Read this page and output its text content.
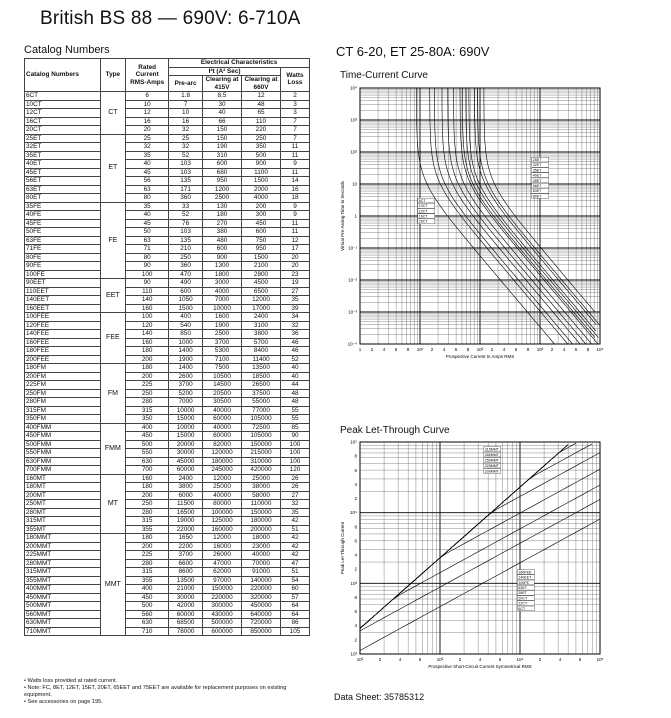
British BS 88 — 690V: 6-710A
Catalog Numbers
Catalog Numbers	Type	Rated Current RMS-Amps	Electrical Characteristics			
			I²t (A² Sec)			Watts Loss
			Pre-arc	Clearing at 415V	Clearing at 660V	
6CT	CT	6	1.8	8.5	12	2
10CT		10	7	30	48	3
12CT		12	10	40	65	3
16CT		16	16	66	110	7
20CT		20	32	150	220	7
25ET	ET	25	25	150	250	7
32ET		32	32	190	350	11
35ET		35	52	310	500	11
40ET		40	103	600	900	9
45ET		45	103	680	1100	11
56ET		56	135	950	1500	14
63ET		63	171	1200	2000	16
80ET		80	360	2500	4000	18
35FE	FE	35	33	130	200	9
40FE		40	52	180	300	9
45FE		45	76	270	450	11
50FE		50	103	380	600	11
63FE		63	135	480	750	12
71FE		71	210	600	950	17
80FE		80	250	900	1500	20
90FE		90	360	1300	2100	20
100FE		100	470	1800	2800	23
90EET	EET	90	490	3000	4500	19
110EET		110	600	4000	6500	27
140EET		140	1050	7000	12000	35
160EET		160	1500	10000	17000	39
100FEE	FEE	100	400	1600	2400	34
120FEE		120	540	1900	3100	32
140FEE		140	850	2500	3800	36
160FEE		160	1000	3700	5700	46
180FEE		180	1400	5300	8400	46
200FEE		200	1900	7100	11400	52
180FM	FM	180	1400	7500	13500	40
200FM		200	2600	10500	18500	40
225FM		225	3700	14500	26500	44
250FM		250	5200	20500	37500	48
280FM		280	7000	30500	55000	48
315FM		315	10000	40000	77000	55
350FM		350	15000	60000	105000	55
400FMM	FMM	400	10000	40000	72500	85
450FMM		450	15000	60000	105000	90
500FMM		500	20000	82000	150000	100
550FMM		550	30000	120000	215000	100
630FMM		630	45000	180000	310000	100
700FMM		700	60000	245000	420000	120
160MT	MT	160	2400	12000	25000	26
180MT		180	3800	25000	38000	26
200MT		200	6000	40000	58000	27
250MT		250	11500	80000	110000	32
280MT		280	16500	100000	150000	35
315MT		315	19000	125000	180000	42
355MT		355	22000	160000	200000	51
180MMT	MMT	180	1650	12000	18000	42
200MMT		200	2200	16000	23000	42
225MMT		225	3700	26000	40000	42
280MMT		280	6600	47000	70000	47
315MMT		315	8600	62000	91000	51
355MMT		355	13500	97000	140000	54
400MMT		400	21000	150000	220000	60
450MMT		450	30000	220000	320000	57
500MMT		500	42000	300000	450000	64
560MMT		560	60000	430000	640000	64
630MMT		630	68500	500000	720000	86
710MMT		710	78000	600000	850000	105
• Watts loss provided at rated current.
• Note: FC, 8ET, 12ET, 15ET, 20ET, 65EET and 75EET are available for replacement purposes on existing equipment.
• See accessories on page 195.
CT 6-20, ET 25-80A: 690V
Time-Current Curve
1 2 4 6 8 10¹ 2 4 6 8 10² 2 4 6 8 10³ 2 4 6 8 10⁴
10⁴
10³
10²
10
1
10⁻¹
10⁻²
10⁻³
10⁻⁴
Prospective Current In Amps RMS
Virtual Pre-Arcing Time in Seconds	6CT
10CT
12CT
16CT
20CT
25ET
32ET
35ET
40ET
45ET
56ET
63ET
80ET
Peak Let-Through Curve
10²	2	4	6	10³	2	4	6	10⁴	2	4	6	10⁵
10⁵
8
6
4
2
10⁴
8
6
4
2
10³
8
6
4
2
10²
Prospective Short-Circuit Current Symmetrical RMS
Peak Let-Through Current
315MMT
280MMT
250MMT
225MMT
200MMT
160FEE
140EET
100FE
63ET
35ET
20CT
12CT
6CT
Data Sheet: 35785312
